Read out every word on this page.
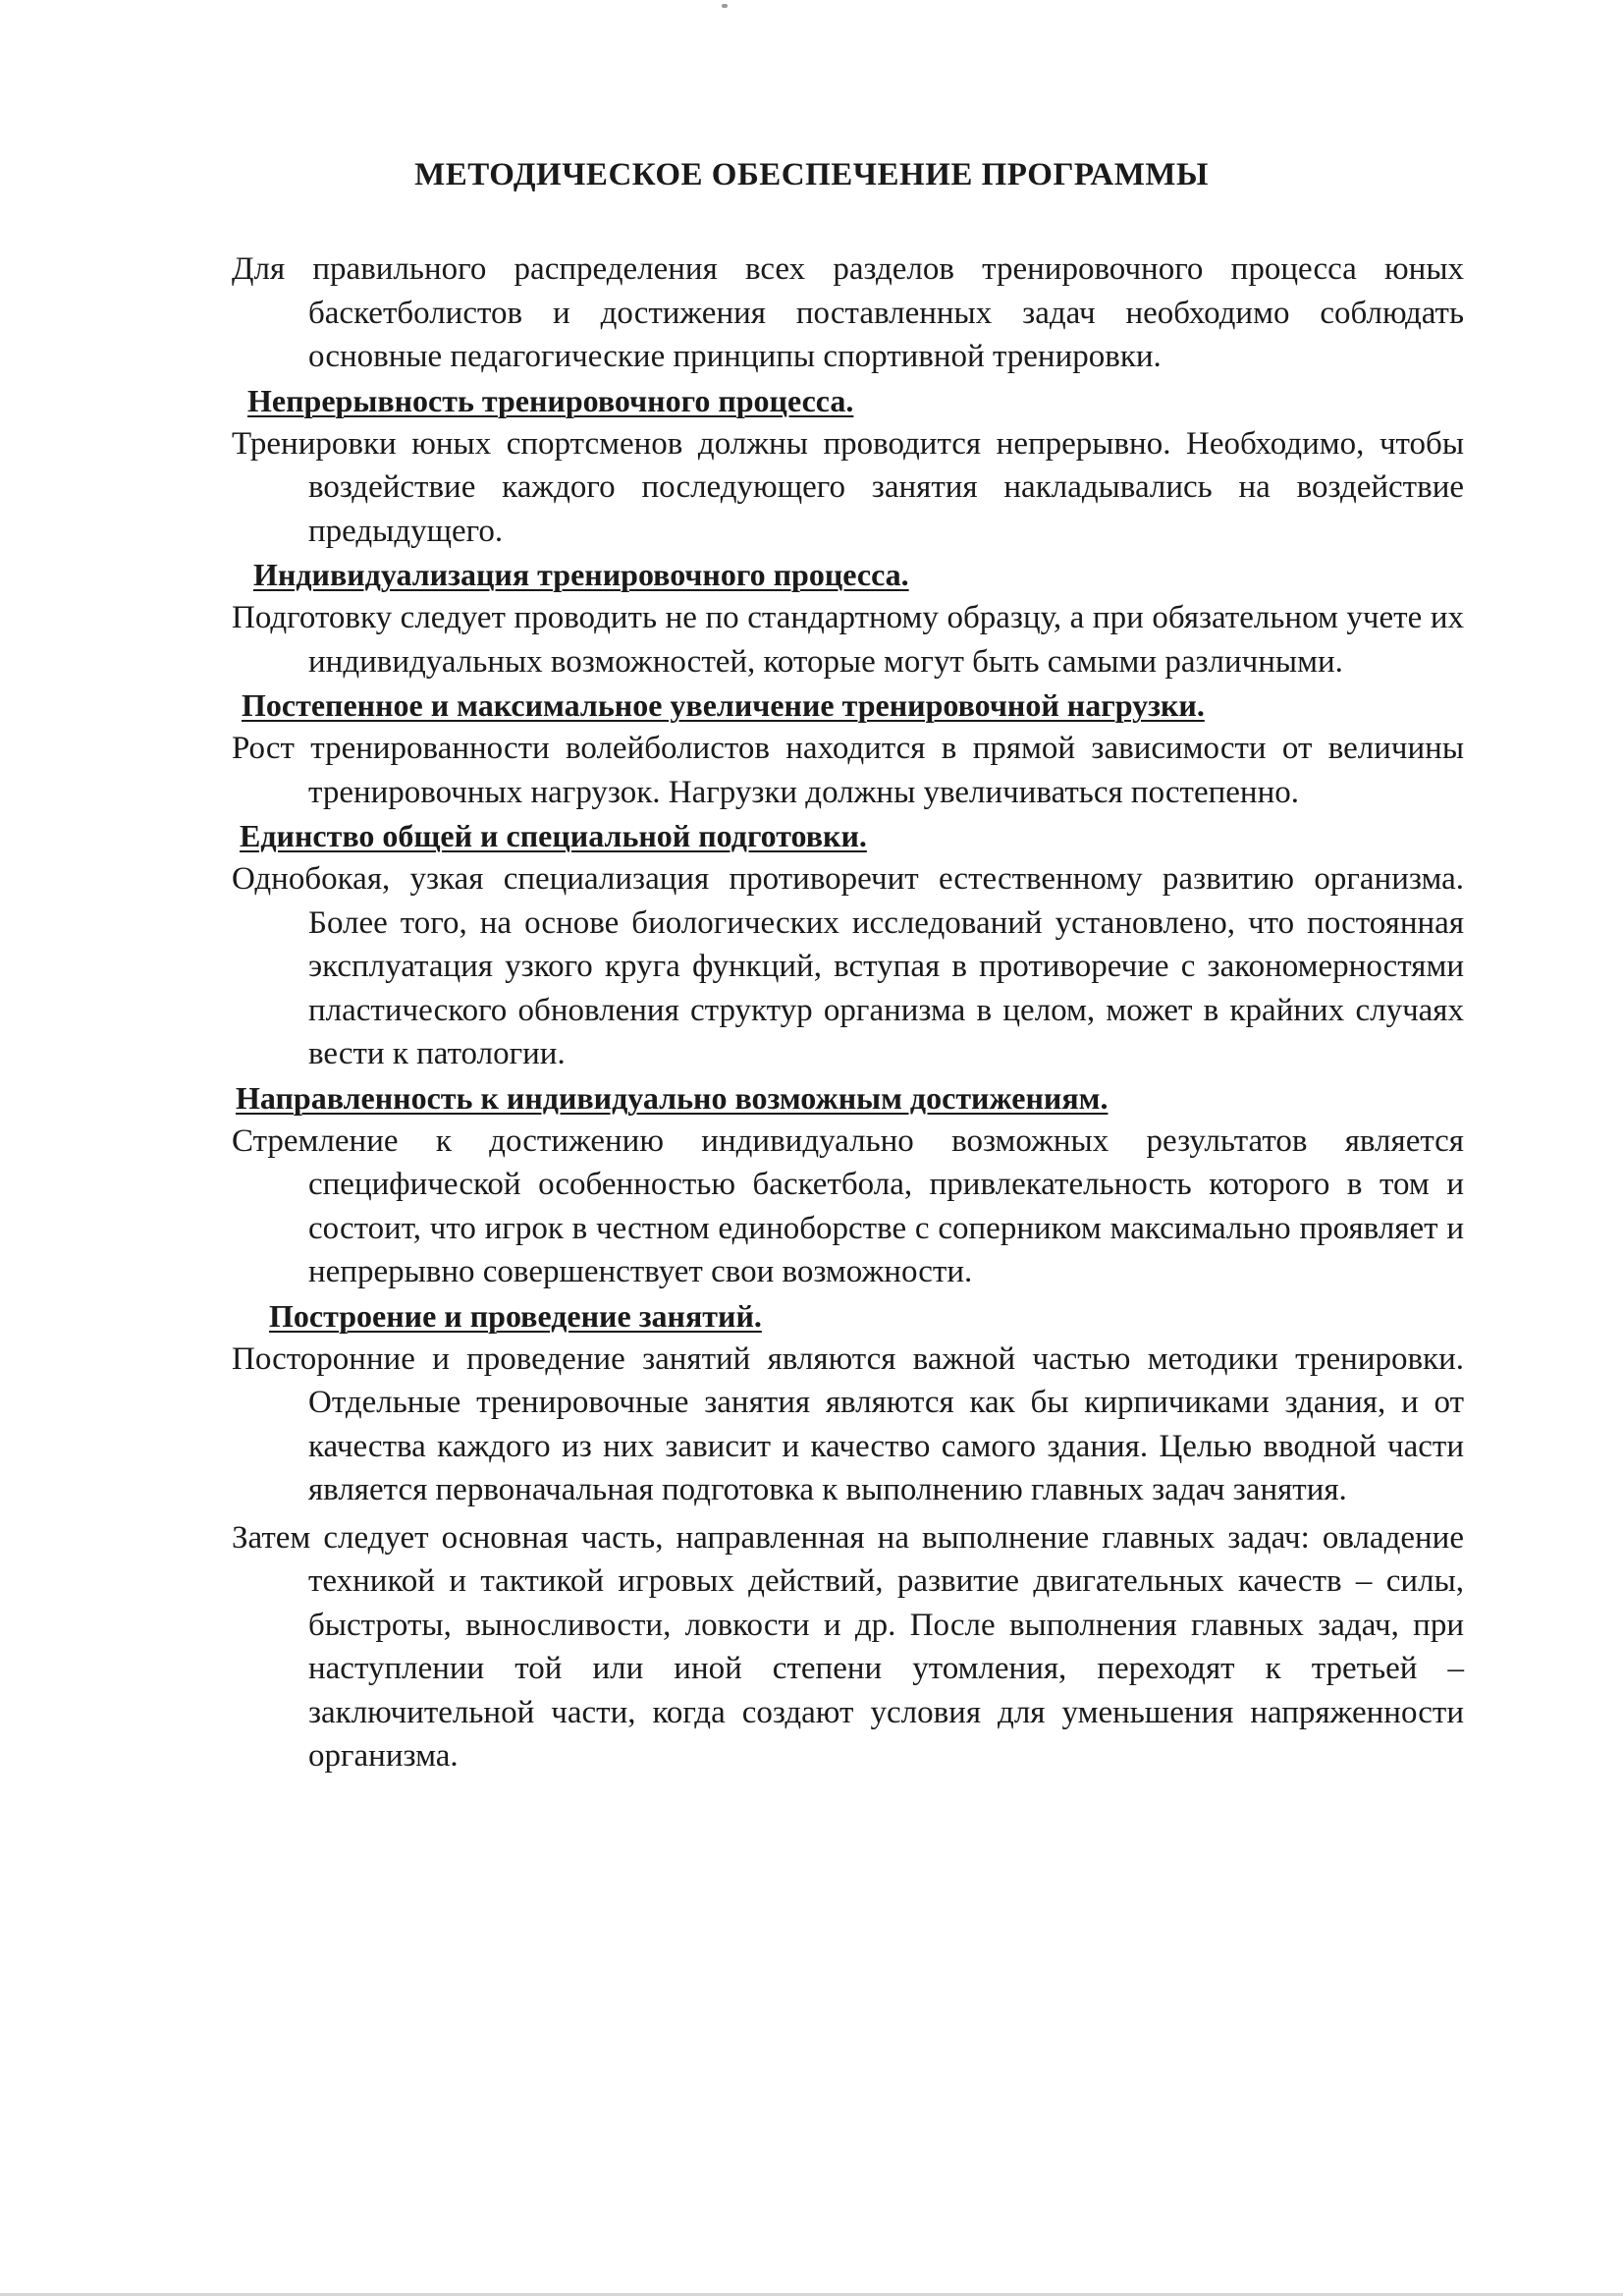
МЕТОДИЧЕСКОЕ ОБЕСПЕЧЕНИЕ ПРОГРАММЫ

Для правильного распределения всех разделов тренировочного процесса юных баскетболистов и достижения поставленных задач необходимо соблюдать основные педагогические принципы спортивной тренировки.

Непрерывность тренировочного процесса.

Тренировки юных спортсменов должны проводится непрерывно. Необходимо, чтобы воздействие каждого последующего занятия накладывались на воздействие предыдущего.

Индивидуализация тренировочного процесса.

Подготовку следует проводить не по стандартному образцу, а при обязательном учете их индивидуальных возможностей, которые могут быть самыми различными.

Постепенное и максимальное увеличение тренировочной нагрузки.

Рост тренированности волейболистов находится в прямой зависимости от величины тренировочных нагрузок. Нагрузки должны увеличиваться постепенно.

Единство общей и специальной подготовки.

Однобокая, узкая специализация противоречит естественному развитию организма. Более того, на основе биологических исследований установлено, что постоянная эксплуатация узкого круга функций, вступая в противоречие с закономерностями пластического обновления структур организма в целом, может в крайних случаях вести к патологии.

Направленность к индивидуально возможным достижениям.

Стремление к достижению индивидуально возможных результатов является специфической особенностью баскетбола, привлекательность которого в том и состоит, что игрок в честном единоборстве с соперником максимально проявляет и непрерывно совершенствует свои возможности.

Построение и проведение занятий.

Посторонние и проведение занятий являются важной частью методики тренировки. Отдельные тренировочные занятия являются как бы кирпичиками здания, и от качества каждого из них зависит и качество самого здания. Целью вводной части является первоначальная подготовка к выполнению главных задач занятия.

Затем следует основная часть, направленная на выполнение главных задач: овладение техникой и тактикой игровых действий, развитие двигательных качеств – силы, быстроты, выносливости, ловкости и др. После выполнения главных задач, при наступлении той или иной степени утомления, переходят к третьей – заключительной части, когда создают условия для уменьшения напряженности организма.
